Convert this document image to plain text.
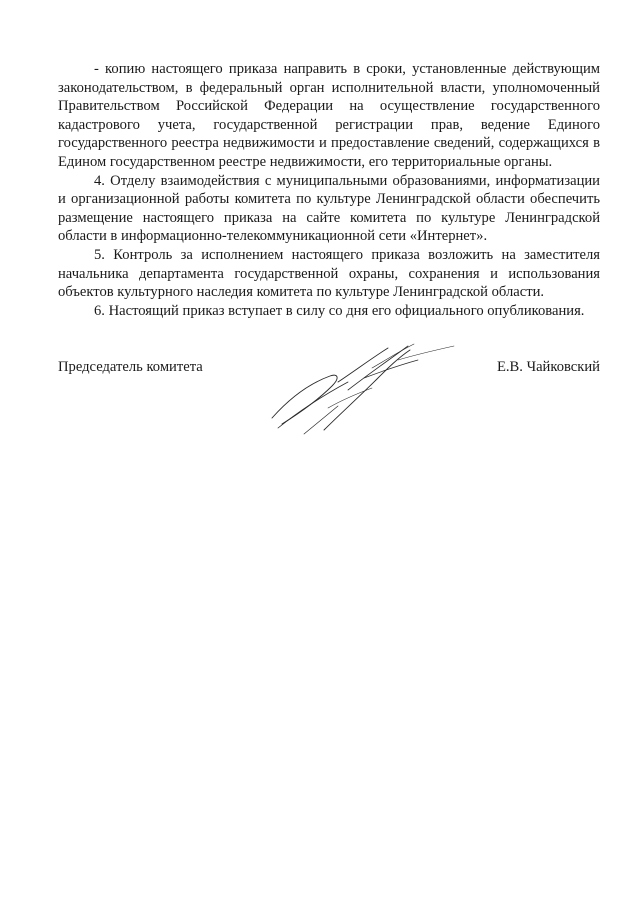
- копию настоящего приказа направить в сроки, установленные действующим законодательством, в федеральный орган исполнительной власти, уполномоченный Правительством Российской Федерации на осуществление государственного кадастрового учета, государственной регистрации прав, ведение Единого государственного реестра недвижимости и предоставление сведений, содержащихся в Едином государственном реестре недвижимости, его территориальные органы.

4. Отделу взаимодействия с муниципальными образованиями, информатизации и организационной работы комитета по культуре Ленинградской области обеспечить размещение настоящего приказа на сайте комитета по культуре Ленинградской области в информационно-телекоммуникационной сети «Интернет».

5. Контроль за исполнением настоящего приказа возложить на заместителя начальника департамента государственной охраны, сохранения и использования объектов культурного наследия комитета по культуре Ленинградской области.

6. Настоящий приказ вступает в силу со дня его официального опубликования.

Председатель комитета	Е.В. Чайковский
